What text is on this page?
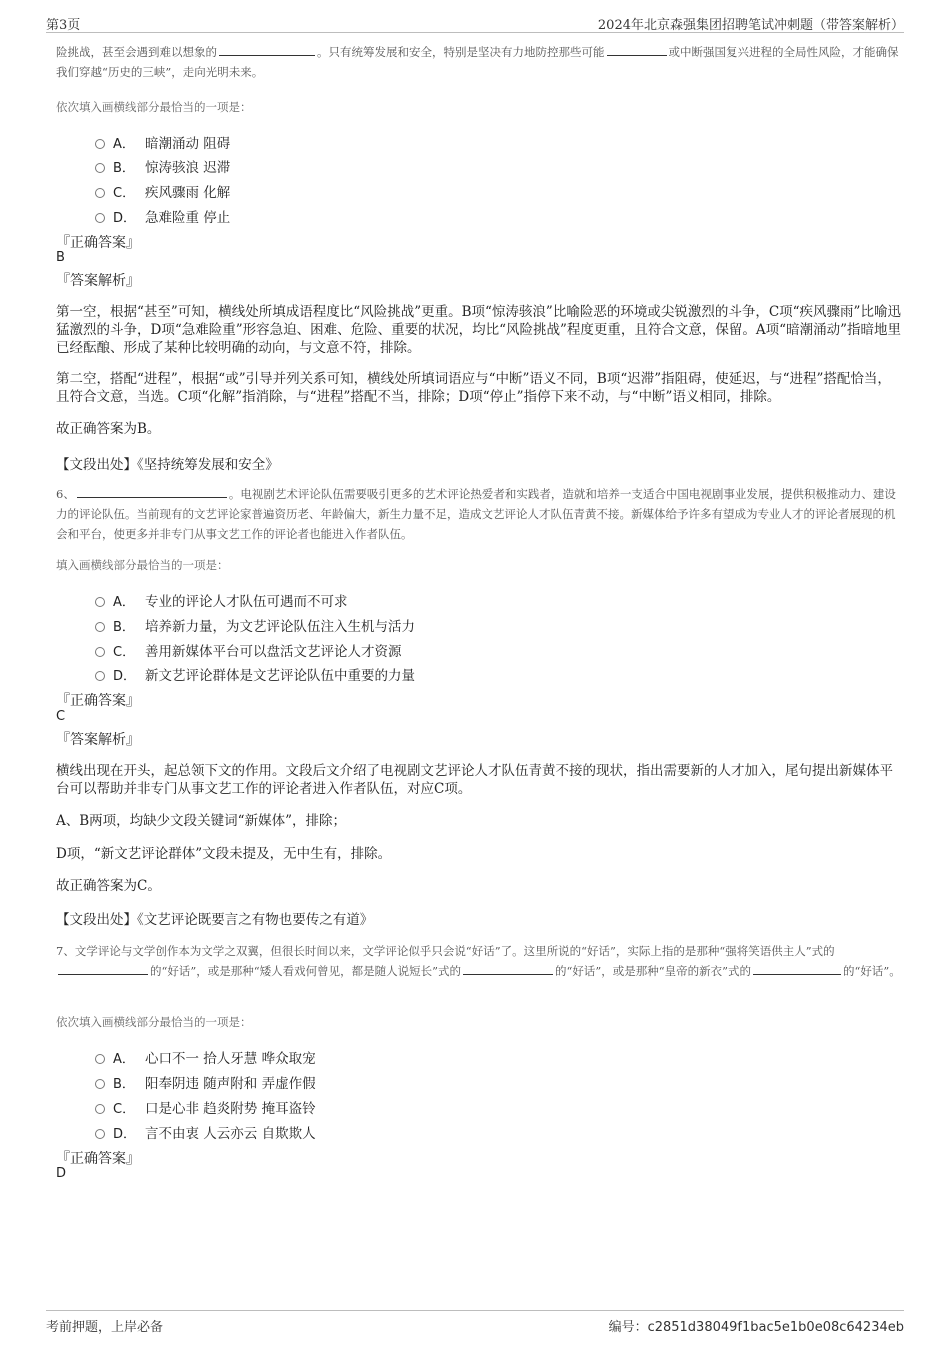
第3页	2024年北京森强集团招聘笔试冲刺题（带答案解析）
险挑战，甚至会遇到难以想象的	。只有统筹发展和安全，特别是坚决有力地防控那些可能	或中断强国复兴进程的全局性风险，才能确保我们穿越“历史的三峡”，走向光明未来。
依次填入画横线部分最恰当的一项是：
A． 暗潮涌动 阻碍
B． 惊涛骇浪 迟滞
C． 疾风骤雨 化解
D． 急难险重 停止
『正确答案』
B
『答案解析』
第一空，根据“甚至”可知，横线处所填成语程度比“风险挑战”更重。B项“惊涛骇浪”比喻险恶的环境或尖锐激烈的斗争，C项“疾风骤雨”比喻迅猛激烈的斗争，D项“急难险重”形容急迫、困难、危险、重要的状况，均比“风险挑战”程度更重，且符合文意，保留。A项“暗潮涌动”指暗地里已经酝酿、形成了某种比较明确的动向，与文意不符，排除。
第二空，搭配“进程”，根据“或”引导并列关系可知，横线处所填词语应与“中断”语义不同，B项“迟滞”指阻碍，使延迟，与“进程”搭配恰当，且符合文意，当选。C项“化解”指消除，与“进程”搭配不当，排除；D项“停止”指停下来不动，与“中断”语义相同，排除。
故正确答案为B。
【文段出处】《坚持统筹发展和安全》
6、	。电视剧艺术评论队伍需要吸引更多的艺术评论热爱者和实践者，造就和培养一支适合中国电视剧事业发展，提供积极推动力、建设力的评论队伍。当前现有的文艺评论家普遍资历老、年龄偏大，新生力量不足，造成文艺评论人才队伍青黄不接。新媒体给予许多有望成为专业人才的评论者展现的机会和平台，使更多并非专门从事文艺工作的评论者也能进入作者队伍。
填入画横线部分最恰当的一项是：
A． 专业的评论人才队伍可遇而不可求
B． 培养新力量，为文艺评论队伍注入生机与活力
C． 善用新媒体平台可以盘活文艺评论人才资源
D． 新文艺评论群体是文艺评论队伍中重要的力量
『正确答案』
C
『答案解析』
横线出现在开头，起总领下文的作用。文段后文介绍了电视剧文艺评论人才队伍青黄不接的现状，指出需要新的人才加入，尾句提出新媒体平台可以帮助并非专门从事文艺工作的评论者进入作者队伍，对应C项。
A、B两项，均缺少文段关键词“新媒体”，排除；
D项，“新文艺评论群体”文段未提及，无中生有，排除。
故正确答案为C。
【文段出处】《文艺评论既要言之有物也要传之有道》
7、文学评论与文学创作本为文学之双翼，但很长时间以来，文学评论似乎只会说“好话”了。这里所说的“好话”，实际上指的是那种“强将笑语供主人”式的的“好话”，或是那种“矮人看戏何曾见，都是随人说短长”式的	的“好话”，或是那种“皇帝的新衣”式的	的“好话”。
依次填入画横线部分最恰当的一项是：
A． 心口不一 拾人牙慧 哗众取宠
B． 阳奉阴违 随声附和 弄虚作假
C． 口是心非 趋炎附势 掩耳盗铃
D． 言不由衷 人云亦云 自欺欺人
『正确答案』
D
考前押题，上岸必备	编号：c2851d38049f1bac5e1b0e08c64234eb
